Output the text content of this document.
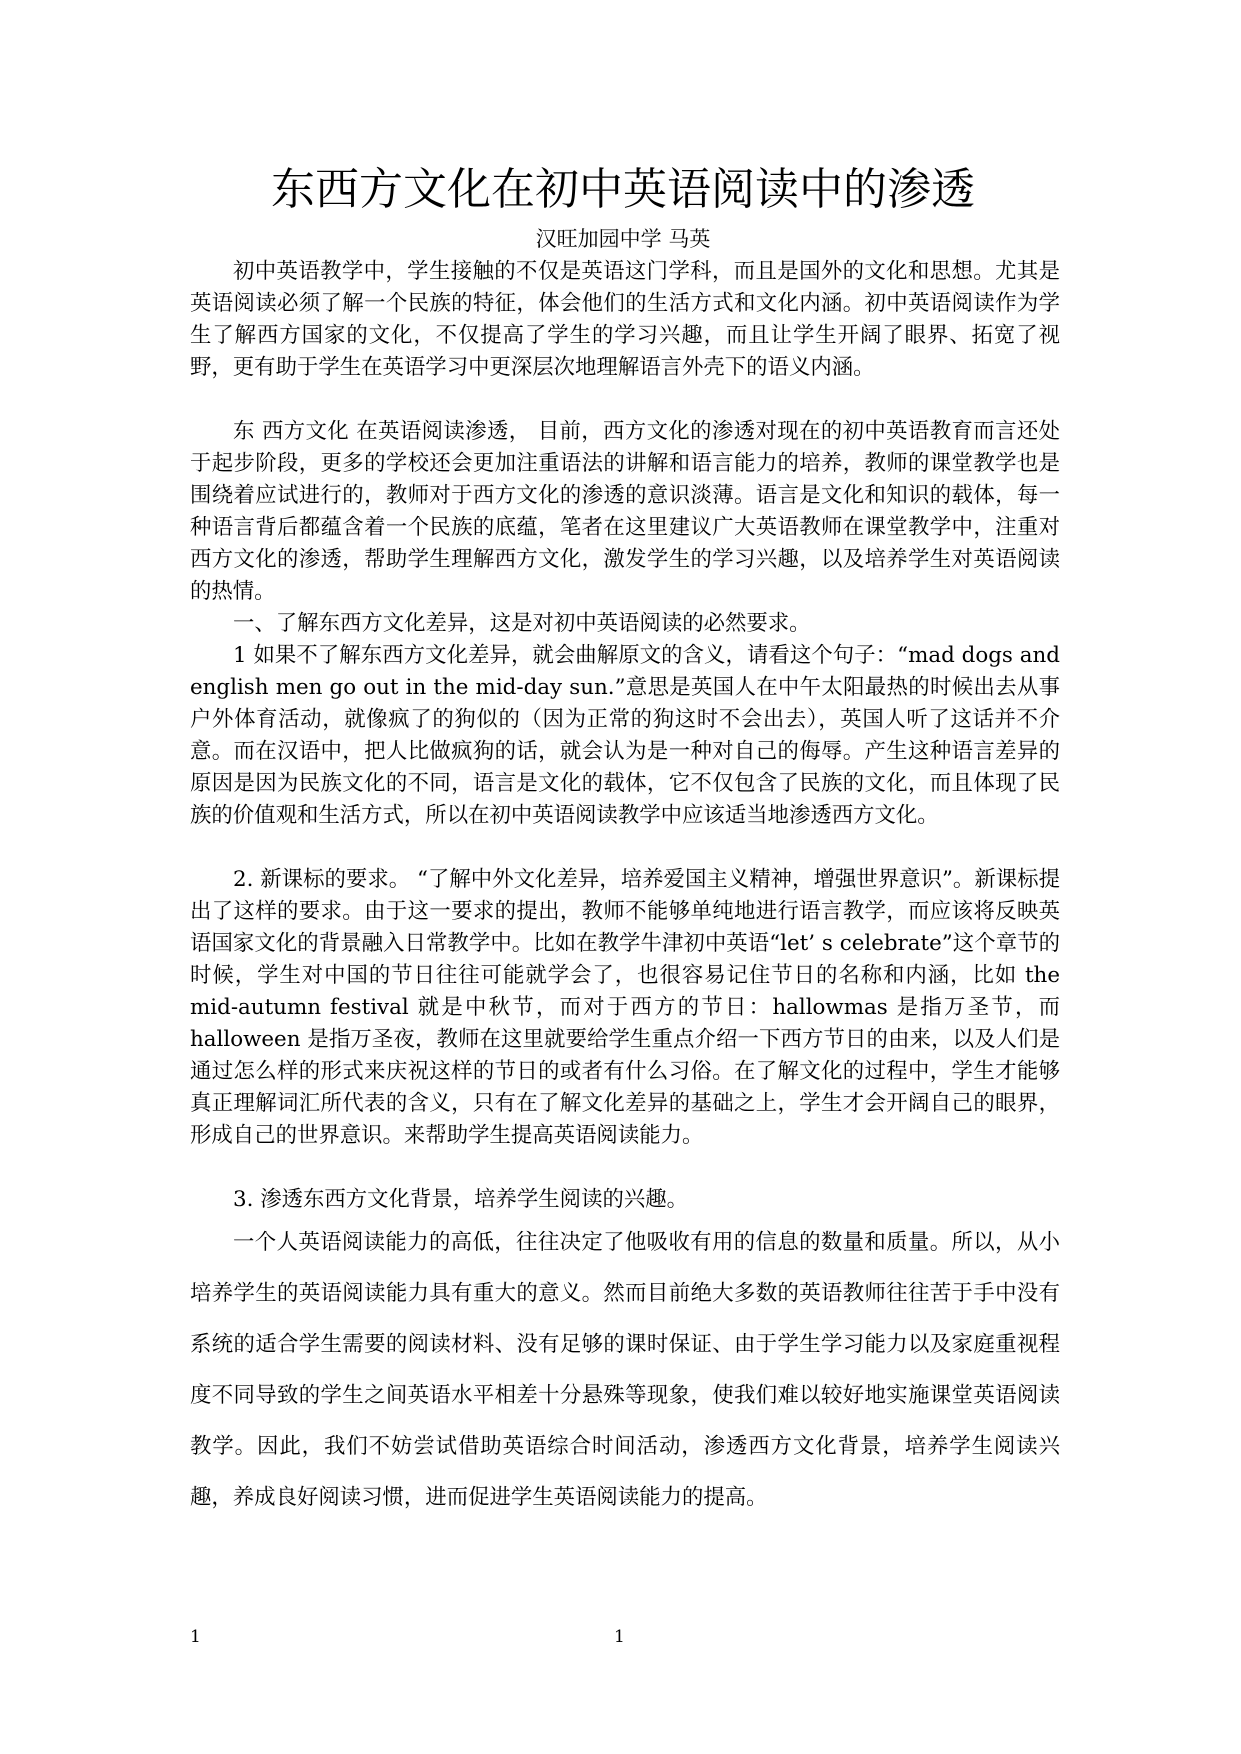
东西方文化在初中英语阅读中的渗透
汉旺加园中学 马英

初中英语教学中，学生接触的不仅是英语这门学科，而且是国外的文化和思想。尤其是英语阅读必须了解一个民族的特征，体会他们的生活方式和文化内涵。初中英语阅读作为学生了解西方国家的文化，不仅提高了学生的学习兴趣，而且让学生开阔了眼界、拓宽了视野，更有助于学生在英语学习中更深层次地理解语言外壳下的语义内涵。

东 西方文化 在英语阅读渗透， 目前，西方文化的渗透对现在的初中英语教育而言还处于起步阶段，更多的学校还会更加注重语法的讲解和语言能力的培养，教师的课堂教学也是围绕着应试进行的，教师对于西方文化的渗透的意识淡薄。语言是文化和知识的载体，每一种语言背后都蕴含着一个民族的底蕴，笔者在这里建议广大英语教师在课堂教学中，注重对西方文化的渗透，帮助学生理解西方文化，激发学生的学习兴趣，以及培养学生对英语阅读的热情。

一、了解东西方文化差异，这是对初中英语阅读的必然要求。

1 如果不了解东西方文化差异，就会曲解原文的含义，请看这个句子：“mad dogs and english men go out in the mid-day sun.”意思是英国人在中午太阳最热的时候出去从事户外体育活动，就像疯了的狗似的（因为正常的狗这时不会出去），英国人听了这话并不介意。而在汉语中，把人比做疯狗的话，就会认为是一种对自己的侮辱。产生这种语言差异的原因是因为民族文化的不同，语言是文化的载体，它不仅包含了民族的文化，而且体现了民族的价值观和生活方式，所以在初中英语阅读教学中应该适当地渗透西方文化。

2. 新课标的要求。 “了解中外文化差异，培养爱国主义精神，增强世界意识”。新课标提出了这样的要求。由于这一要求的提出，教师不能够单纯地进行语言教学，而应该将反映英语国家文化的背景融入日常教学中。比如在教学牛津初中英语“let’ s celebrate”这个章节的时候，学生对中国的节日往往可能就学会了，也很容易记住节日的名称和内涵，比如 the mid-autumn festival 就是中秋节，而对于西方的节日：hallowmas 是指万圣节，而 halloween 是指万圣夜，教师在这里就要给学生重点介绍一下西方节日的由来，以及人们是通过怎么样的形式来庆祝这样的节日的或者有什么习俗。在了解文化的过程中，学生才能够真正理解词汇所代表的含义，只有在了解文化差异的基础之上，学生才会开阔自己的眼界，形成自己的世界意识。来帮助学生提高英语阅读能力。

3. 渗透东西方文化背景，培养学生阅读的兴趣。

一个人英语阅读能力的高低，往往决定了他吸收有用的信息的数量和质量。所以，从小培养学生的英语阅读能力具有重大的意义。然而目前绝大多数的英语教师往往苦于手中没有系统的适合学生需要的阅读材料、没有足够的课时保证、由于学生学习能力以及家庭重视程度不同导致的学生之间英语水平相差十分悬殊等现象，使我们难以较好地实施课堂英语阅读教学。因此，我们不妨尝试借助英语综合时间活动，渗透西方文化背景，培养学生阅读兴趣，养成良好阅读习惯，进而促进学生英语阅读能力的提高。

1	1
